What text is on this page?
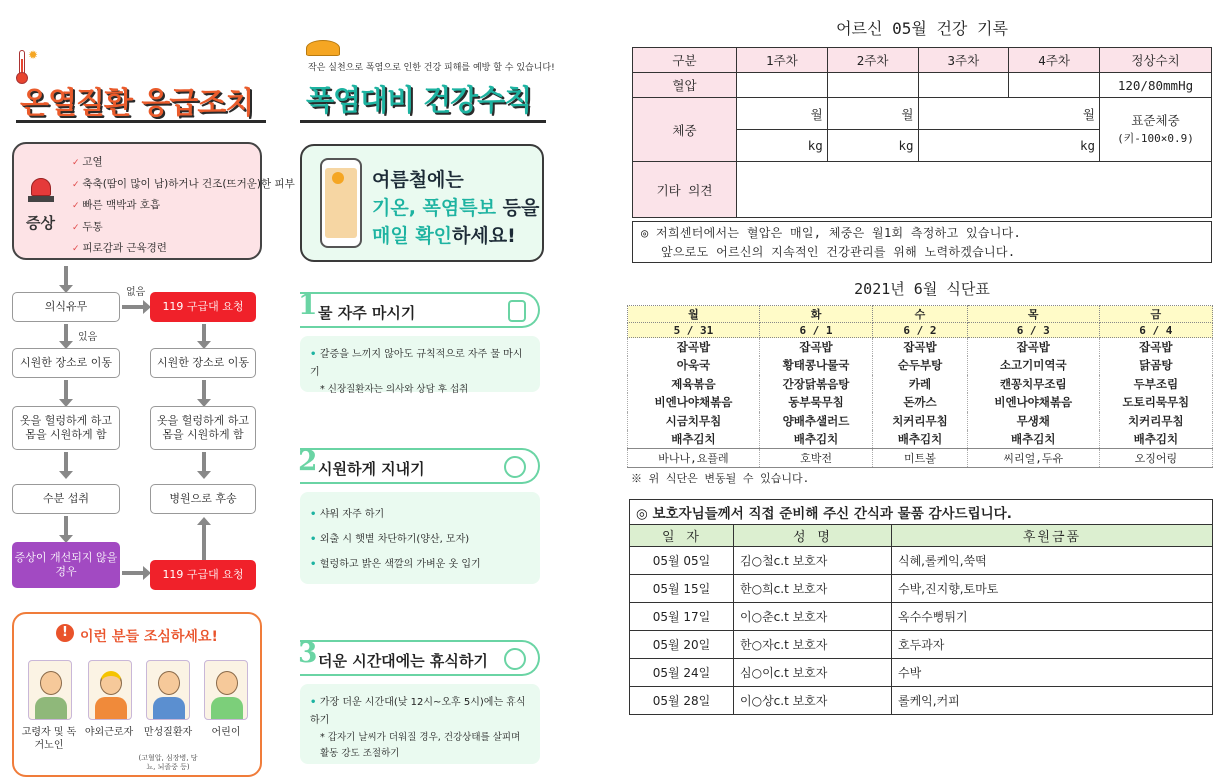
✹
온열질환 응급조치
증상
✓ 고열
✓ 축축(땀이 많이 남)하거나 건조(뜨거운)한 피부
✓ 빠른 맥박과 호흡
✓ 두통
✓ 피로감과 근육경련
의식유무
없음
119 구급대 요청
있음
시원한 장소로 이동	시원한 장소로 이동
옷을 헐렁하게 하고 몸을 시원하게 함
옷을 헐렁하게 하고 몸을 시원하게 함
수분 섭취	병원으로 후송
증상이 개선되지 않을 경우	119 구급대 요청
! 이런 분들 조심하세요!
고령자 및 독거노인
야외근로자	만성질환자	어린이
(고혈압, 심장병, 당뇨, 뇌졸중 등)
작은 실천으로 폭염으로 인한 건강 피해를 예방 할 수 있습니다!
폭염대비 건강수칙
여름철에는
기온, 폭염특보 등을
매일 확인하세요!
1 물 자주 마시기
• 갈증을 느끼지 않아도 규칙적으로 자주 물 마시기
* 신장질환자는 의사와 상담 후 섭취
2 시원하게 지내기
• 샤워 자주 하기
• 외출 시 햇볕 차단하기(양산, 모자)
• 헐렁하고 밝은 색깔의 가벼운 옷 입기
3 더운 시간대에는 휴식하기
• 가장 더운 시간대(낮 12시~오후 5시)에는 휴식하기
* 갑자기 날씨가 더워질 경우, 건강상태를 살피며 활동 강도 조절하기
어르신 05월 건강 기록
구분	1주차	2주차	3주차	4주차	정상수치
혈압					120/80mmHg
체중	월	월	월		표준체중
(키-100×0.9)

	kg	kg	kg		
기타 의견					
◎ 저희센터에서는 혈압은 매일, 체중은 월1회 측정하고 있습니다.
앞으로도 어르신의 지속적인 건강관리를 위해 노력하겠습니다.
2021년 6월 식단표
월	화	수	목	금
5 / 31	6 / 1	6 / 2	6 / 3	6 / 4
잡곡밥	잡곡밥	잡곡밥	잡곡밥	잡곡밥
아욱국	황태콩나물국	순두부탕	소고기미역국	닭곰탕
제육볶음	간장닭볶음탕	카레	캔꽁치무조림	두부조림
비엔나야채볶음	동부묵무침	돈까스	비엔나야채볶음	도토리묵무침
시금치무침	양배추샐러드	치커리무침	무생채	치커리무침
배추김치	배추김치	배추김치	배추김치	배추김치
바나나,요플레	호박전	미트볼	씨리얼,두유	오징어링
※ 위 식단은 변동될 수 있습니다.
◎ 보호자님들께서 직접 준비해 주신 간식과 물품 감사드립니다.		
일 자	성 명	후원금품
05월 05일	김○철c.t 보호자	식혜,롤케익,쑥떡
05월 15일	한○희c.t 보호자	수박,진지향,토마토
05월 17일	이○춘c.t 보호자	옥수수뻥튀기
05월 20일	한○자c.t 보호자	호두과자
05월 24일	심○이c.t 보호자	수박
05월 28일	이○상c.t 보호자	롤케익,커피
